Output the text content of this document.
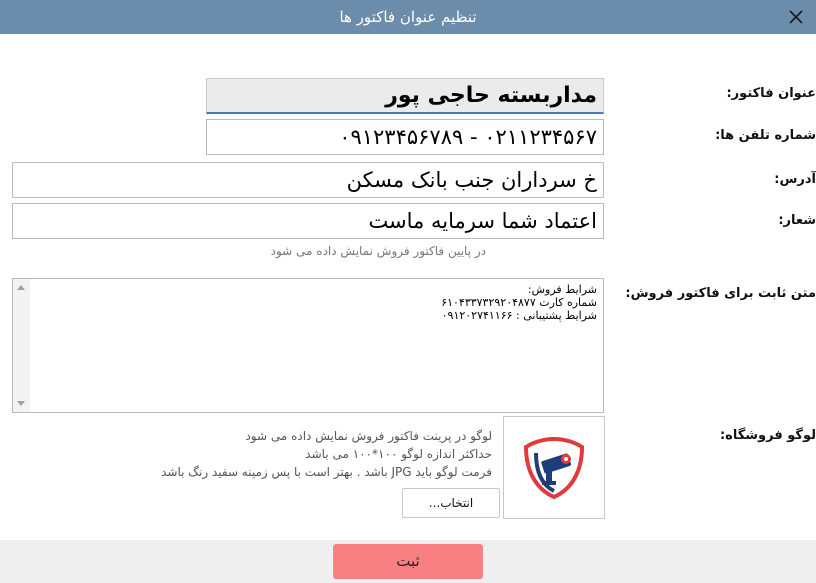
تنظیم عنوان فاکتور ها
عنوان فاکتور:
مداربسته حاجی پور
شماره تلفن ها:
۰۲۱۱۲۳۴۵۶۷ - ۰۹۱۲۳۴۵۶۷۸۹
آدرس:
خ سرداران جنب بانک مسکن
شعار:
اعتماد شما سرمایه ماست
در پایین فاکتور فروش نمایش داده می شود
متن ثابت برای فاکتور فروش:
شرایط فروش:
شماره کارت ۶۱۰۴۳۳۷۳۲۹۲۰۴۸۷۷
شرایط پشتیبانی : ۰۹۱۲۰۲۷۴۱۱۶۶
لوگو فروشگاه:
لوگو در پرینت فاکتور فروش نمایش داده می شود
حداکثر اندازه لوگو ۱۰۰*۱۰۰ می باشد
فرمت لوگو باید JPG باشد . بهتر است با پس زمینه سفید رنگ باشد
انتخاب...
ثبت
